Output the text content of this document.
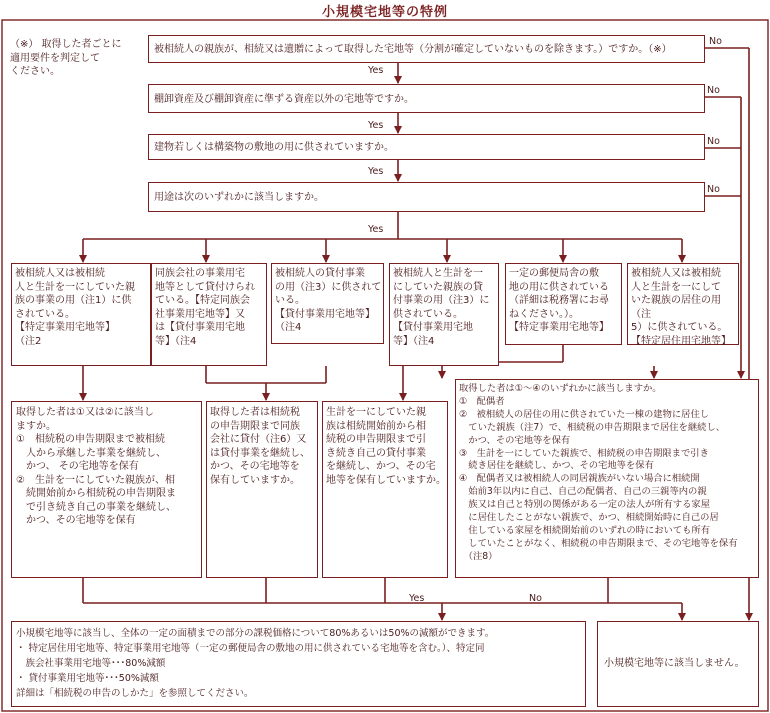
小規模宅地等の特例
（※） 取得した者ごとに
適用要件を判定して
ください。
被相続人の親族が、相続又は遺贈によって取得した宅地等（分割が確定していないものを除きます。）ですか。（※）
棚卸資産及び棚卸資産に準ずる資産以外の宅地等ですか。
建物若しくは構築物の敷地の用に供されていますか。
用途は次のいずれかに該当しますか。
Yes
Yes
Yes
Yes
No
No
No
No
被相続人又は被相続
人と生計を一にしていた親
族の事業の用（注1）に供
されている。
【特定事業用宅地等】
（注2
同族会社の事業用宅
地等として貸付けられ
ている。【特定同族会
社事業用宅地等】又
は【貸付事業用宅地
等】（注4
被相続人の貸付事業
の用（注3）に供されて
いる。
【貸付事業用宅地等】
（注4
被相続人と生計を一
にしていた親族の貸
付事業の用（注3）に
供されている。
【貸付事業用宅地
等】（注4
一定の郵便局舎の敷
地の用に供されている
（詳細は税務署にお尋
ねください。）。
【特定事業用宅地等】
被相続人又は被相続
人と生計を一にして
いた親族の居住の用（注
5）に供されている。
【特定居住用宅地等】
取得した者は①又は②に該当し
ますか。
①　相続税の申告期限まで被相続
　人から承継した事業を継続し、
　かつ、 その宅地等を保有
②　生計を一にしていた親族が、相
　続開始前から相続税の申告期限ま
　で引き続き自己の事業を継続し、
　かつ、その宅地等を保有
取得した者は相続税
の申告期限まで同族
会社に貸付（注6）又
は貸付事業を継続し、
かつ、その宅地等を
保有していますか。
生計を一にしていた親
族は相続開始前から相
続税の申告期限まで引
き続き自己の貸付事業
を継続し、かつ、その宅
地等を保有していますか。
取得した者は①～④のいずれかに該当しますか。
①　配偶者
②　被相続人の居住の用に供されていた一棟の建物に居住し
　ていた親族（注7）で、相続税の申告期限まで居住を継続し、
　かつ、その宅地等を保有
③　生計を一にしていた親族で、相続税の申告期限まで引き
　続き居住を継続し、かつ、その宅地等を保有
④　配偶者又は被相続人の同居親族がいない場合に相続開
　始前3年以内に自己、自己の配偶者、自己の三親等内の親
　族又は自己と特別の関係がある一定の法人が所有する家屋
　に居住したことがない親族で、かつ、相続開始時に自己の居
　住している家屋を相続開始前のいずれの時においても所有
　していたことがなく、相続税の申告期限まで、その宅地等を保有
　（注8）
Yes	No
小規模宅地等に該当し、全体の一定の面積までの部分の課税価格について80%あるいは50%の減額ができます。
・ 特定居住用宅地等、特定事業用宅地等（一定の郵便局舎の敷地の用に供されている宅地等を含む。）、特定同
　族会社事業用宅地等･･･80%減額
・ 貸付事業用宅地等･･･50%減額
詳細は「相続税の申告のしかた」を参照してください。
小規模宅地等に該当しません。
